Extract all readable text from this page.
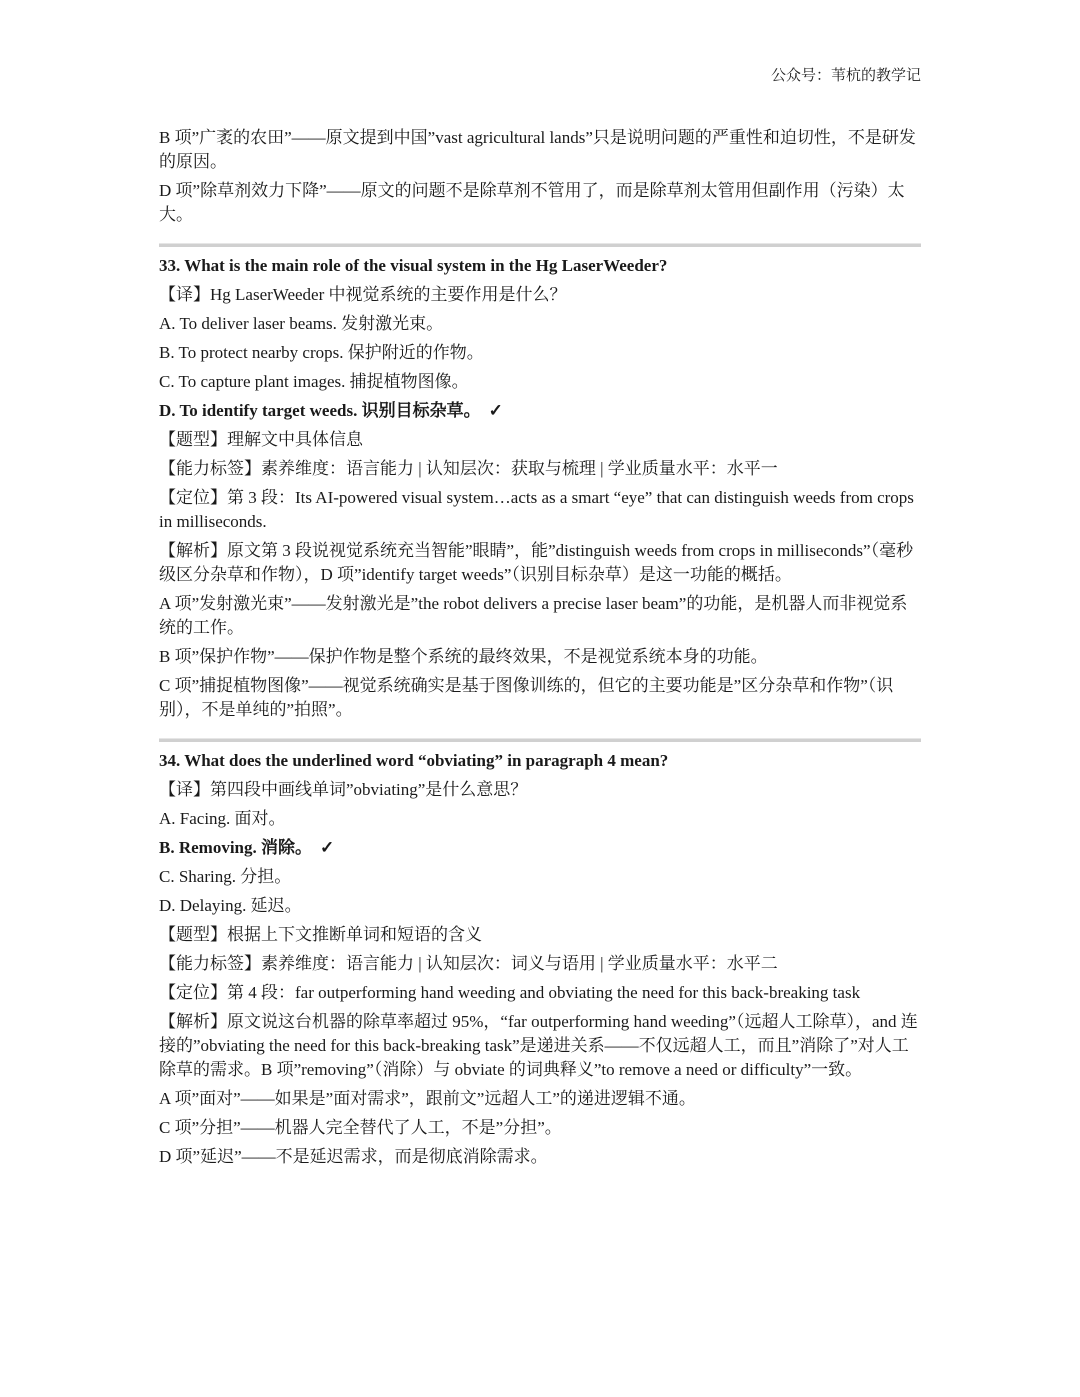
公众号：苇杭的教学记

B 项”广袤的农田”——原文提到中国”vast agricultural lands”只是说明问题的严重性和迫切性，不是研发的原因。

D 项”除草剂效力下降”——原文的问题不是除草剂不管用了，而是除草剂太管用但副作用（污染）太大。

33. What is the main role of the visual system in the Hg LaserWeeder?

【译】Hg LaserWeeder 中视觉系统的主要作用是什么？

A. To deliver laser beams. 发射激光束。

B. To protect nearby crops. 保护附近的作物。

C. To capture plant images. 捕捉植物图像。

D. To identify target weeds. 识别目标杂草。 ✓

【题型】理解文中具体信息

【能力标签】素养维度：语言能力 | 认知层次：获取与梳理 | 学业质量水平：水平一

【定位】第 3 段：Its AI-powered visual system…acts as a smart “eye” that can distinguish weeds from crops in milliseconds.

【解析】原文第 3 段说视觉系统充当智能”眼睛”，能”distinguish weeds from crops in milliseconds”（毫秒级区分杂草和作物），D 项”identify target weeds”（识别目标杂草）是这一功能的概括。

A 项”发射激光束”——发射激光是”the robot delivers a precise laser beam”的功能，是机器人而非视觉系统的工作。

B 项”保护作物”——保护作物是整个系统的最终效果，不是视觉系统本身的功能。

C 项”捕捉植物图像”——视觉系统确实是基于图像训练的，但它的主要功能是”区分杂草和作物”（识别），不是单纯的”拍照”。

34. What does the underlined word “obviating” in paragraph 4 mean?

【译】第四段中画线单词”obviating”是什么意思？

A. Facing. 面对。

B. Removing. 消除。 ✓

C. Sharing. 分担。

D. Delaying. 延迟。

【题型】根据上下文推断单词和短语的含义

【能力标签】素养维度：语言能力 | 认知层次：词义与语用 | 学业质量水平：水平二

【定位】第 4 段：far outperforming hand weeding and obviating the need for this back-breaking task

【解析】原文说这台机器的除草率超过 95%，“far outperforming hand weeding”（远超人工除草），and 连接的”obviating the need for this back-breaking task”是递进关系——不仅远超人工，而且”消除了”对人工除草的需求。B 项”removing”（消除）与 obviate 的词典释义”to remove a need or difficulty”一致。

A 项”面对”——如果是”面对需求”，跟前文”远超人工”的递进逻辑不通。

C 项”分担”——机器人完全替代了人工，不是”分担”。

D 项”延迟”——不是延迟需求，而是彻底消除需求。
